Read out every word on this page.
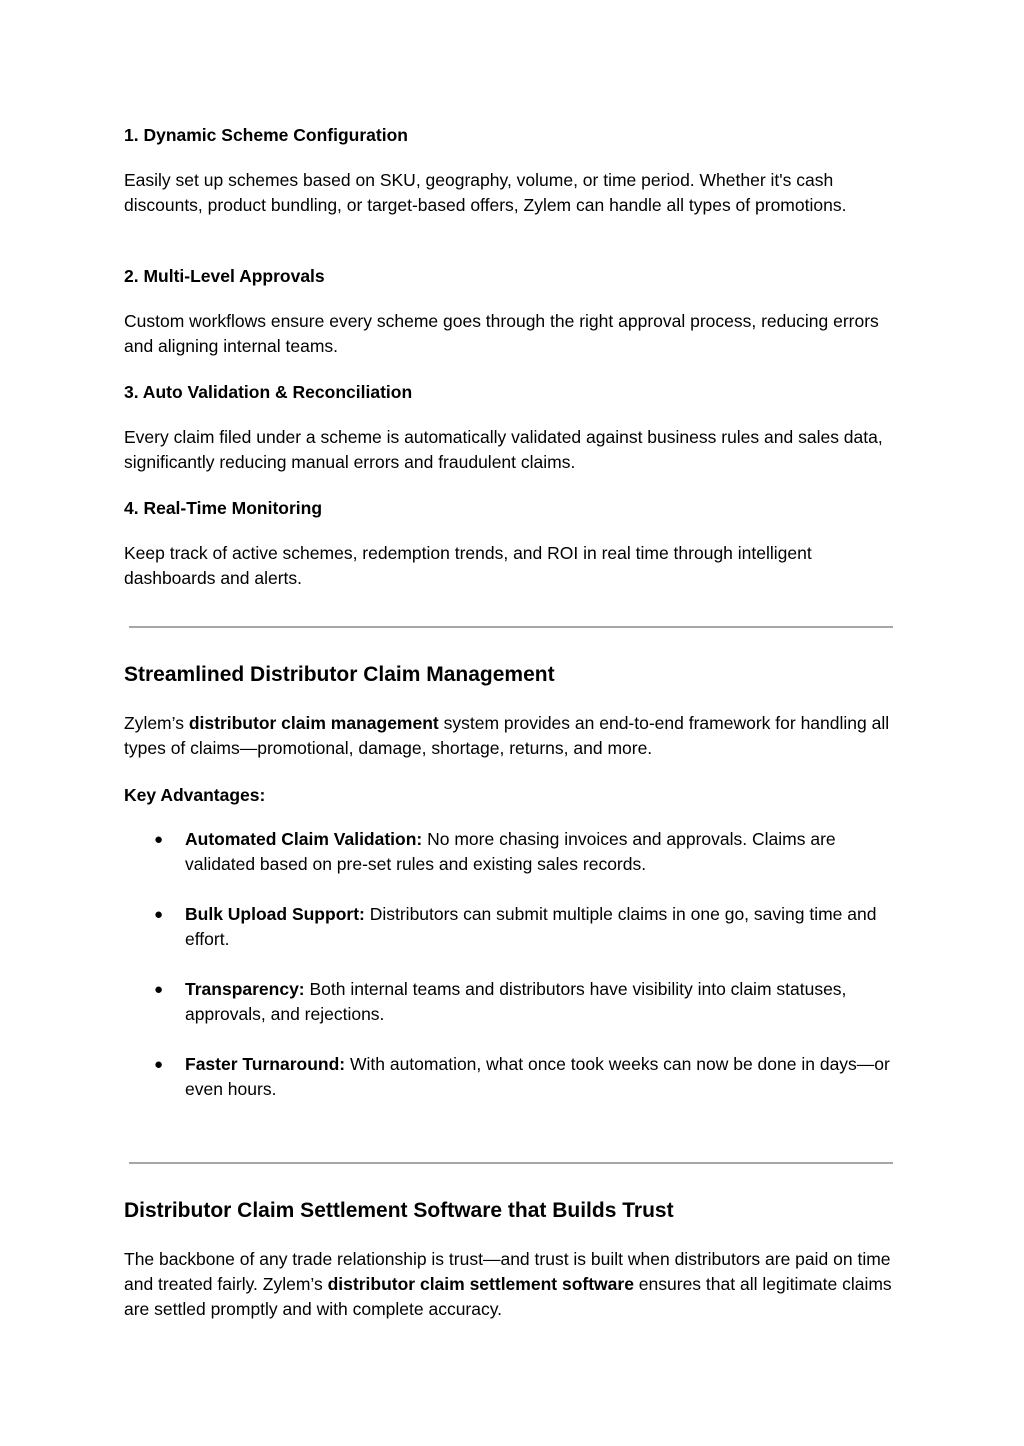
1. Dynamic Scheme Configuration
Easily set up schemes based on SKU, geography, volume, or time period. Whether it's cash discounts, product bundling, or target-based offers, Zylem can handle all types of promotions.
2. Multi-Level Approvals
Custom workflows ensure every scheme goes through the right approval process, reducing errors and aligning internal teams.
3. Auto Validation & Reconciliation
Every claim filed under a scheme is automatically validated against business rules and sales data, significantly reducing manual errors and fraudulent claims.
4. Real-Time Monitoring
Keep track of active schemes, redemption trends, and ROI in real time through intelligent dashboards and alerts.
Streamlined Distributor Claim Management
Zylem’s distributor claim management system provides an end-to-end framework for handling all types of claims—promotional, damage, shortage, returns, and more.
Key Advantages:
● Automated Claim Validation: No more chasing invoices and approvals. Claims are validated based on pre-set rules and existing sales records.
● Bulk Upload Support: Distributors can submit multiple claims in one go, saving time and effort.
● Transparency: Both internal teams and distributors have visibility into claim statuses, approvals, and rejections.
● Faster Turnaround: With automation, what once took weeks can now be done in days—or even hours.
Distributor Claim Settlement Software that Builds Trust
The backbone of any trade relationship is trust—and trust is built when distributors are paid on time and treated fairly. Zylem’s distributor claim settlement software ensures that all legitimate claims are settled promptly and with complete accuracy.
